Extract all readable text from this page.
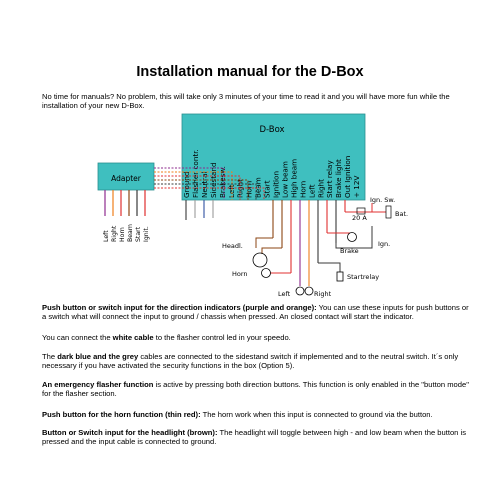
Installation manual for the D-Box

No time for manuals? No problem, this will take only 3 minutes of your time to read it and you will have more fun while the installation of your new D-Box.

D-Box
Ground Flasher contr. Neutral Sidestand Brakesw. Left Right Horn Beam Start Ignition Low beam High beam Horn Left Right Start relay Brake light Out Ignition + 12V
Adapter
Left Right Horn Beam Start Ignit.
Headl.
Horn
Left	Right
Startrelay
Brake
Ign.
20 A	Bat.
Ign. Sw.

Push button or switch input for the direction indicators (purple and orange): You can use these inputs for push buttons or a switch what will connect the input to ground / chassis when pressed. An closed contact will start the indicator.

You can connect the white cable to the flasher control led in your speedo.

The dark blue and the grey cables are connected to the sidestand switch if implemented and to the neutral switch. It´s only necessary if you have activated the security functions in the box (Option 5).

An emergency flasher function is active by pressing both direction buttons. This function is only enabled in the "button mode" for the flasher section.

Push button for the horn function (thin red): The horn work when this input is connected to ground via the button.

Button or Switch input for the headlight (brown): The headlight will toggle between high - and low beam when the button is pressed and the input cable is connected to ground.
